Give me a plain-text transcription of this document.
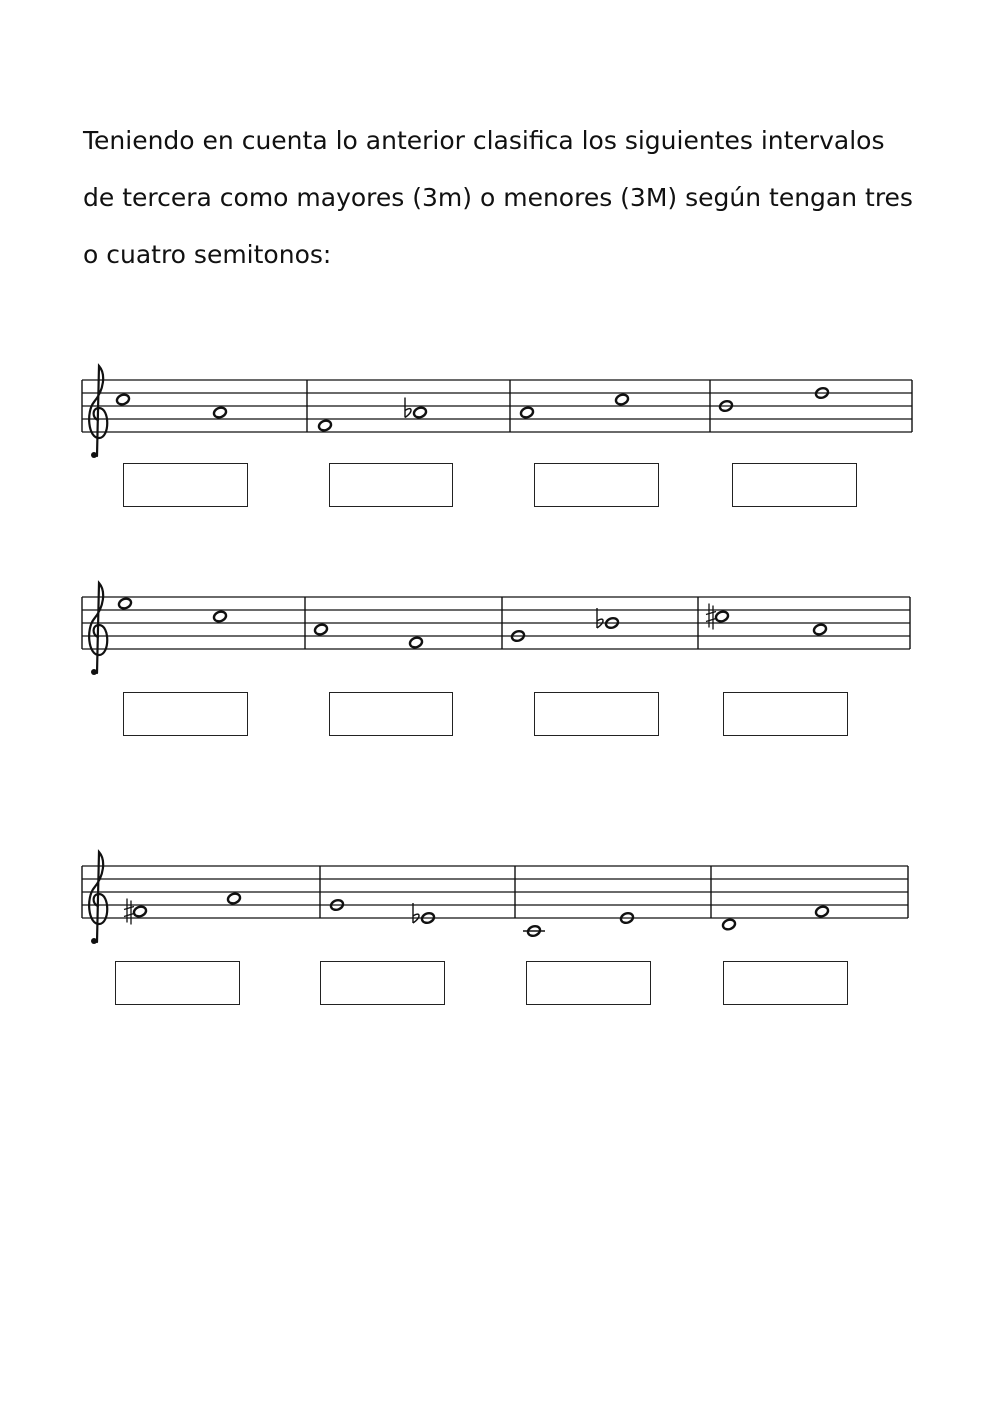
Teniendo en cuenta lo anterior clasifica los siguientes intervalos
de tercera como mayores (3m) o menores (3M) según tengan tres
o cuatro semitonos:
